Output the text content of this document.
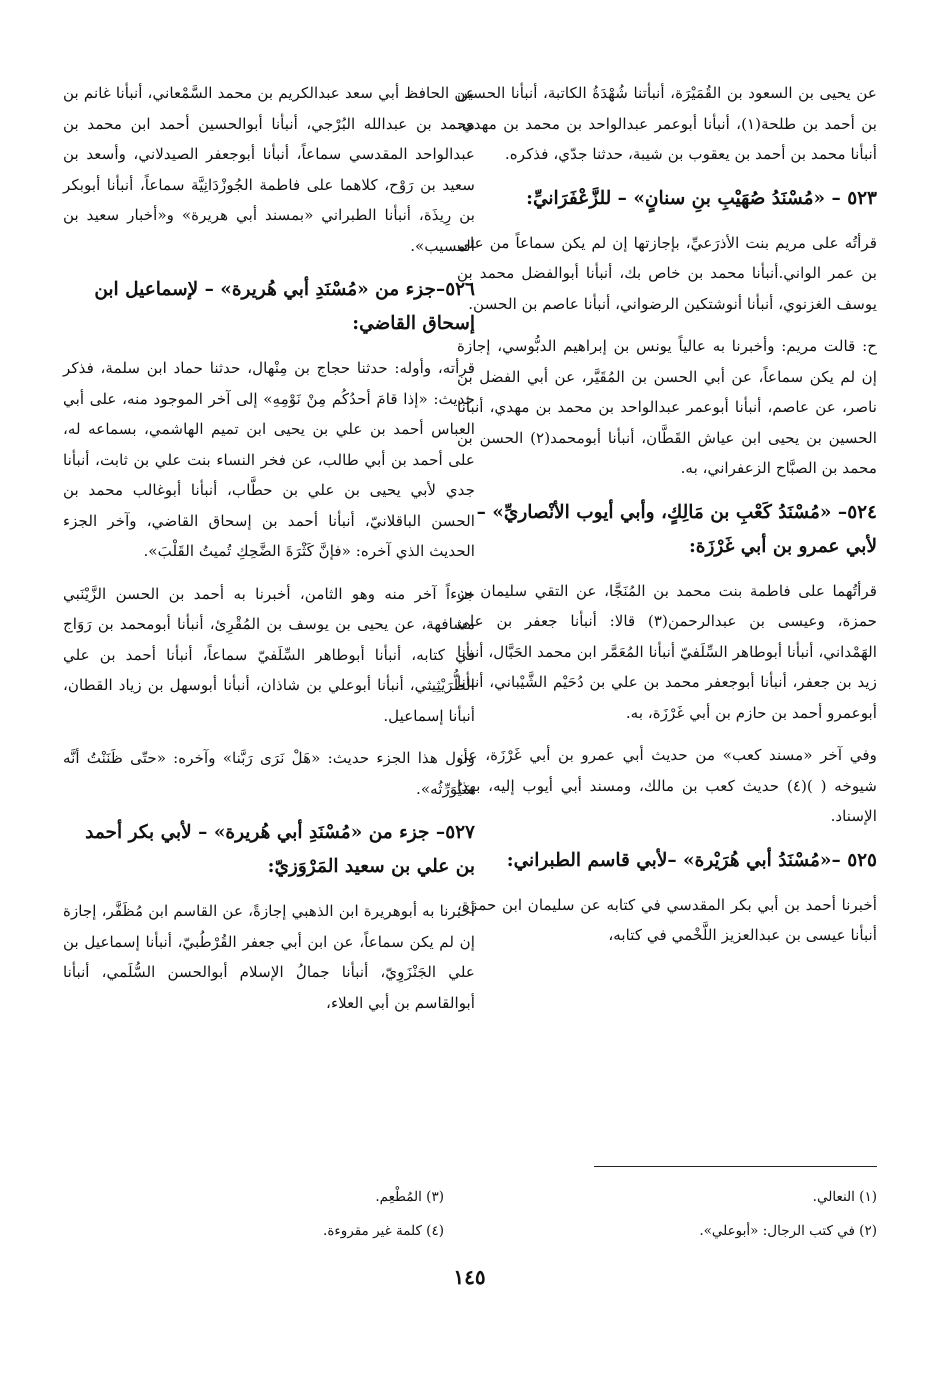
عن يحيى بن السعود بن القُمَيْرَة، أنبأتنا شُهْدَةُ الكاتبة، أنبأنا الحسين بن أحمد بن طلحة(١)، أنبأنا أبوعمر عبدالواحد بن محمد بن مهدي، أنبأنا محمد بن أحمد بن يعقوب بن شيبة، حدثنا جدّي، فذكره.
٥٢٣ – «مُسْنَدُ صُهَيْبِ بنِ سنانٍ» – للزَّعْفَرَانيِّ:
قرأتُه على مريم بنت الأذرَعيِّ، بإجازتها إن لم يكن سماعاً من علي بن عمر الواني.أنبأنا محمد بن خاص بك، أنبأنا أبوالفضل محمد بن يوسف الغزنوي، أنبأنا أنوشتكين الرضواني، أنبأنا عاصم بن الحسن.
ح: قالت مريم: وأخبرنا به عالياً يونس بن إبراهيم الدبُّوسي، إجازة إن لم يكن سماعاً، عن أبي الحسن بن المُقَيَّر، عن أبي الفضل بن ناصر، عن عاصم، أنبأنا أبوعمر عبدالواحد بن محمد بن مهدي، أنبأنا الحسين بن يحيى ابن عياش القَطَّان، أنبأنا أبومحمد(٢) الحسن بن محمد بن الصبَّاح الزعفراني، به.
٥٢٤– «مُسْنَدُ كَعْبِ بن مَالِكٍ، وأبي أيوب الأنْصاريِّ» – لأبي عمرو بن أبي غَرْزَة:
قرأتُهما على فاطمة بنت محمد بن المُنَجَّا، عن التقي سليمان بن حمزة، وعيسى بن عبدالرحمن(٣) قالا: أنبأنا جعفر بن علي الهَمْداني، أنبأنا أبوطاهر السِّلَفيّ أنبأنا المُعَمَّر ابن محمد الحَبَّال، أنبأنا زيد بن جعفر، أنبأنا أبوجعفر محمد بن علي بن دُحَيْم الشَّيْباني، أنبأنا أبوعمرو أحمد بن حازم بن أبي غَرْزَة، به.
وفي آخر «مسند كعب» من حديث أبي عمرو بن أبي غَرْزَة، عن شيوخه ( )(٤) حديث كعب بن مالك، ومسند أبي أيوب إليه، بهذا الإسناد.
٥٢٥ –«مُسْنَدُ أبي هُرَيْرة» –لأبي قاسم الطبراني:
أخبرنا أحمد بن أبي بكر المقدسي في كتابه عن سليمان ابن حمزة، أنبأنا عيسى بن عبدالعزيز اللَّخْمي في كتابه،
عن الحافظ أبي سعد عبدالكريم بن محمد السَّمْعاني، أنبأنا غانم بن محمد بن عبدالله البُرْجي، أنبأنا أبوالحسين أحمد ابن محمد بن عبدالواحد المقدسي سماعاً، أنبأنا أبوجعفر الصيدلاني، وأسعد بن سعيد بن رَوْح، كلاهما على فاطمة الجُوزْدَانِيَّة سماعاً، أنبأنا أبوبكر بن رِيذَة، أنبأنا الطبراني «بمسند أبي هريرة» و«أخبار سعيد بن المسيب».
٥٢٦–جزء من «مُسْنَدِ أبي هُريرة» – لإسماعيل ابن إسحاق القاضي:
قرأته، وأوله: حدثنا حجاج بن مِنْهال، حدثنا حماد ابن سلمة، فذكر حديث: «إذا قامَ أحدُكُم مِنْ نَوْمِهِ» إلى آخر الموجود منه، على أبي العباس أحمد بن علي بن يحيى ابن تميم الهاشمي، بسماعه له، على أحمد بن أبي طالب، عن فخر النساء بنت علي بن ثابت، أنبأنا جدي لأبي يحيى بن علي بن حطَّاب، أنبأنا أبوغالب محمد بن الحسن الباقلانيّ، أنبأنا أحمد بن إسحاق القاضي، وآخر الجزء الحديث الذي آخره: «فإنَّ كَثْرَةَ الضَّحِكِ تُميتُ القَلْبَ».
جزءاً آخر منه وهو الثامن، أخبرنا به أحمد بن الحسن الزَّيْنَبي مشافهة، عن يحيى بن يوسف بن المُقْرِئ، أنبأنا أبومحمد بن رَوَاج في كتابه، أنبأنا أبوطاهر السِّلَفيّ سماعاً، أنبأنا أحمد بن علي الطُّرَيْثِيثي، أنبأنا أبوعلي بن شاذان، أنبأنا أبوسهل بن زياد القطان، أنبأنا إسماعيل.
وأول هذا الجزء حديث: «هَلْ نَرَى رَبَّنا» وآخره: «حتّى ظَنَنْتُ أنَّه سَيُوَرِّثُه».
٥٢٧– جزء من «مُسْنَدِ أبي هُريرة» – لأبي بكر أحمد بن علي بن سعيد المَرْوَزيّ:
أخبرنا به أبوهريرة ابن الذهبي إجازةً، عن القاسم ابن مُظَفَّر، إجازة إن لم يكن سماعاً، عن ابن أبي جعفر القُرْطُبيّ، أنبأنا إسماعيل بن علي الجَنْزَوِيّ، أنبأنا جمالُ الإسلام أبوالحسن السُّلَمي، أنبأنا أبوالقاسم بن أبي العلاء،
(١) النعالي.
(٢) في كتب الرجال: «أبوعلي».
(٣) المُطْعِم.
(٤) كلمة غير مقروءة.
١٤٥
